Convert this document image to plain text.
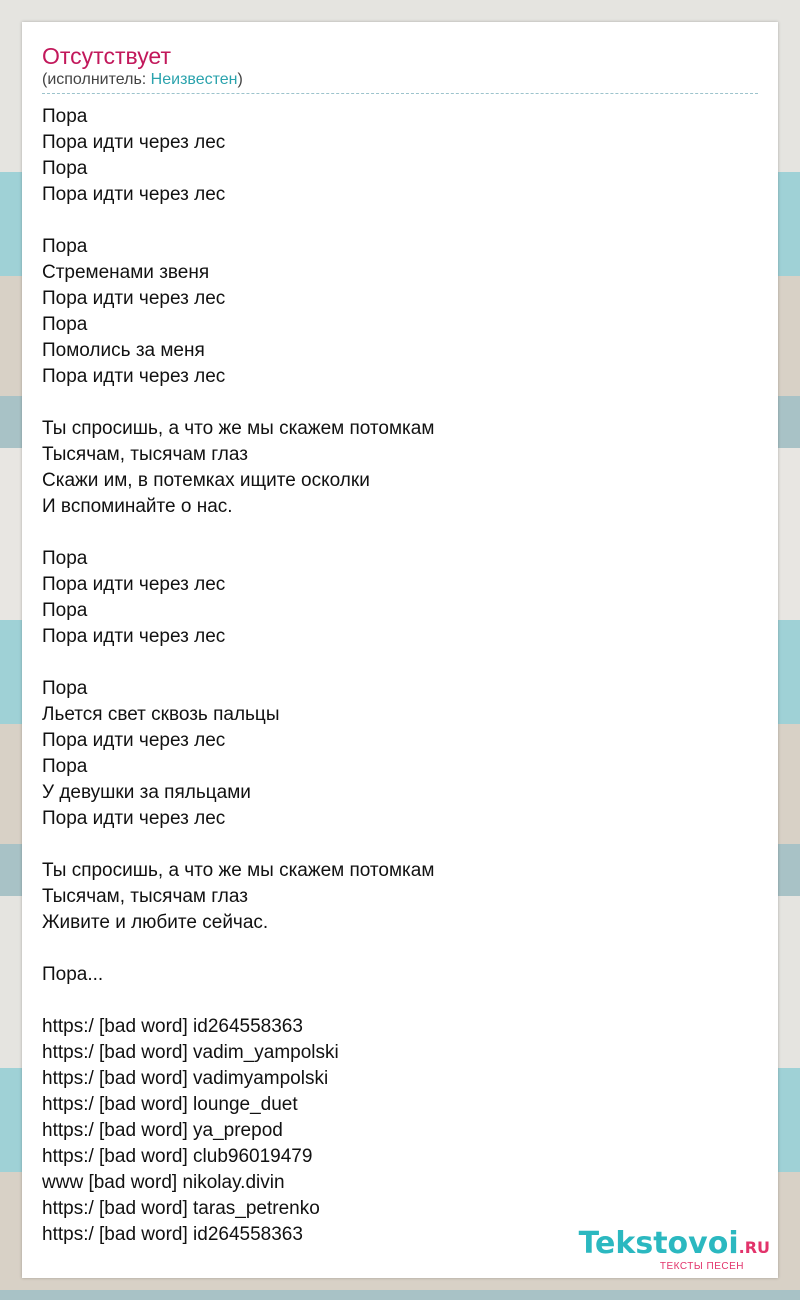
Отсутствует
(исполнитель: Неизвестен)
Пора
Пора идти через лес
Пора
Пора идти через лес
Пора
Стременами звеня
Пора идти через лес
Пора
Помолись за меня
Пора идти через лес
Ты спросишь, а что же мы скажем потомкам
Тысячам, тысячам глаз
Скажи им, в потемках ищите осколки
И вспоминайте о нас.
Пора
Пора идти через лес
Пора
Пора идти через лес
Пора
Льется свет сквозь пальцы
Пора идти через лес
Пора
У девушки за пяльцами
Пора идти через лес
Ты спросишь, а что же мы скажем потомкам
Тысячам, тысячам глаз
Живите и любите сейчас.
Пора...
https:/ [bad word] id264558363
https:/ [bad word] vadim_yampolski
https:/ [bad word] vadimyampolski
https:/ [bad word] lounge_duet
https:/ [bad word] ya_prepod
https:/ [bad word] club96019479
www [bad word] nikolay.divin
https:/ [bad word] taras_petrenko
https:/ [bad word] id264558363	Tekstovoi.RU
ТЕКСТЫ ПЕСЕН
